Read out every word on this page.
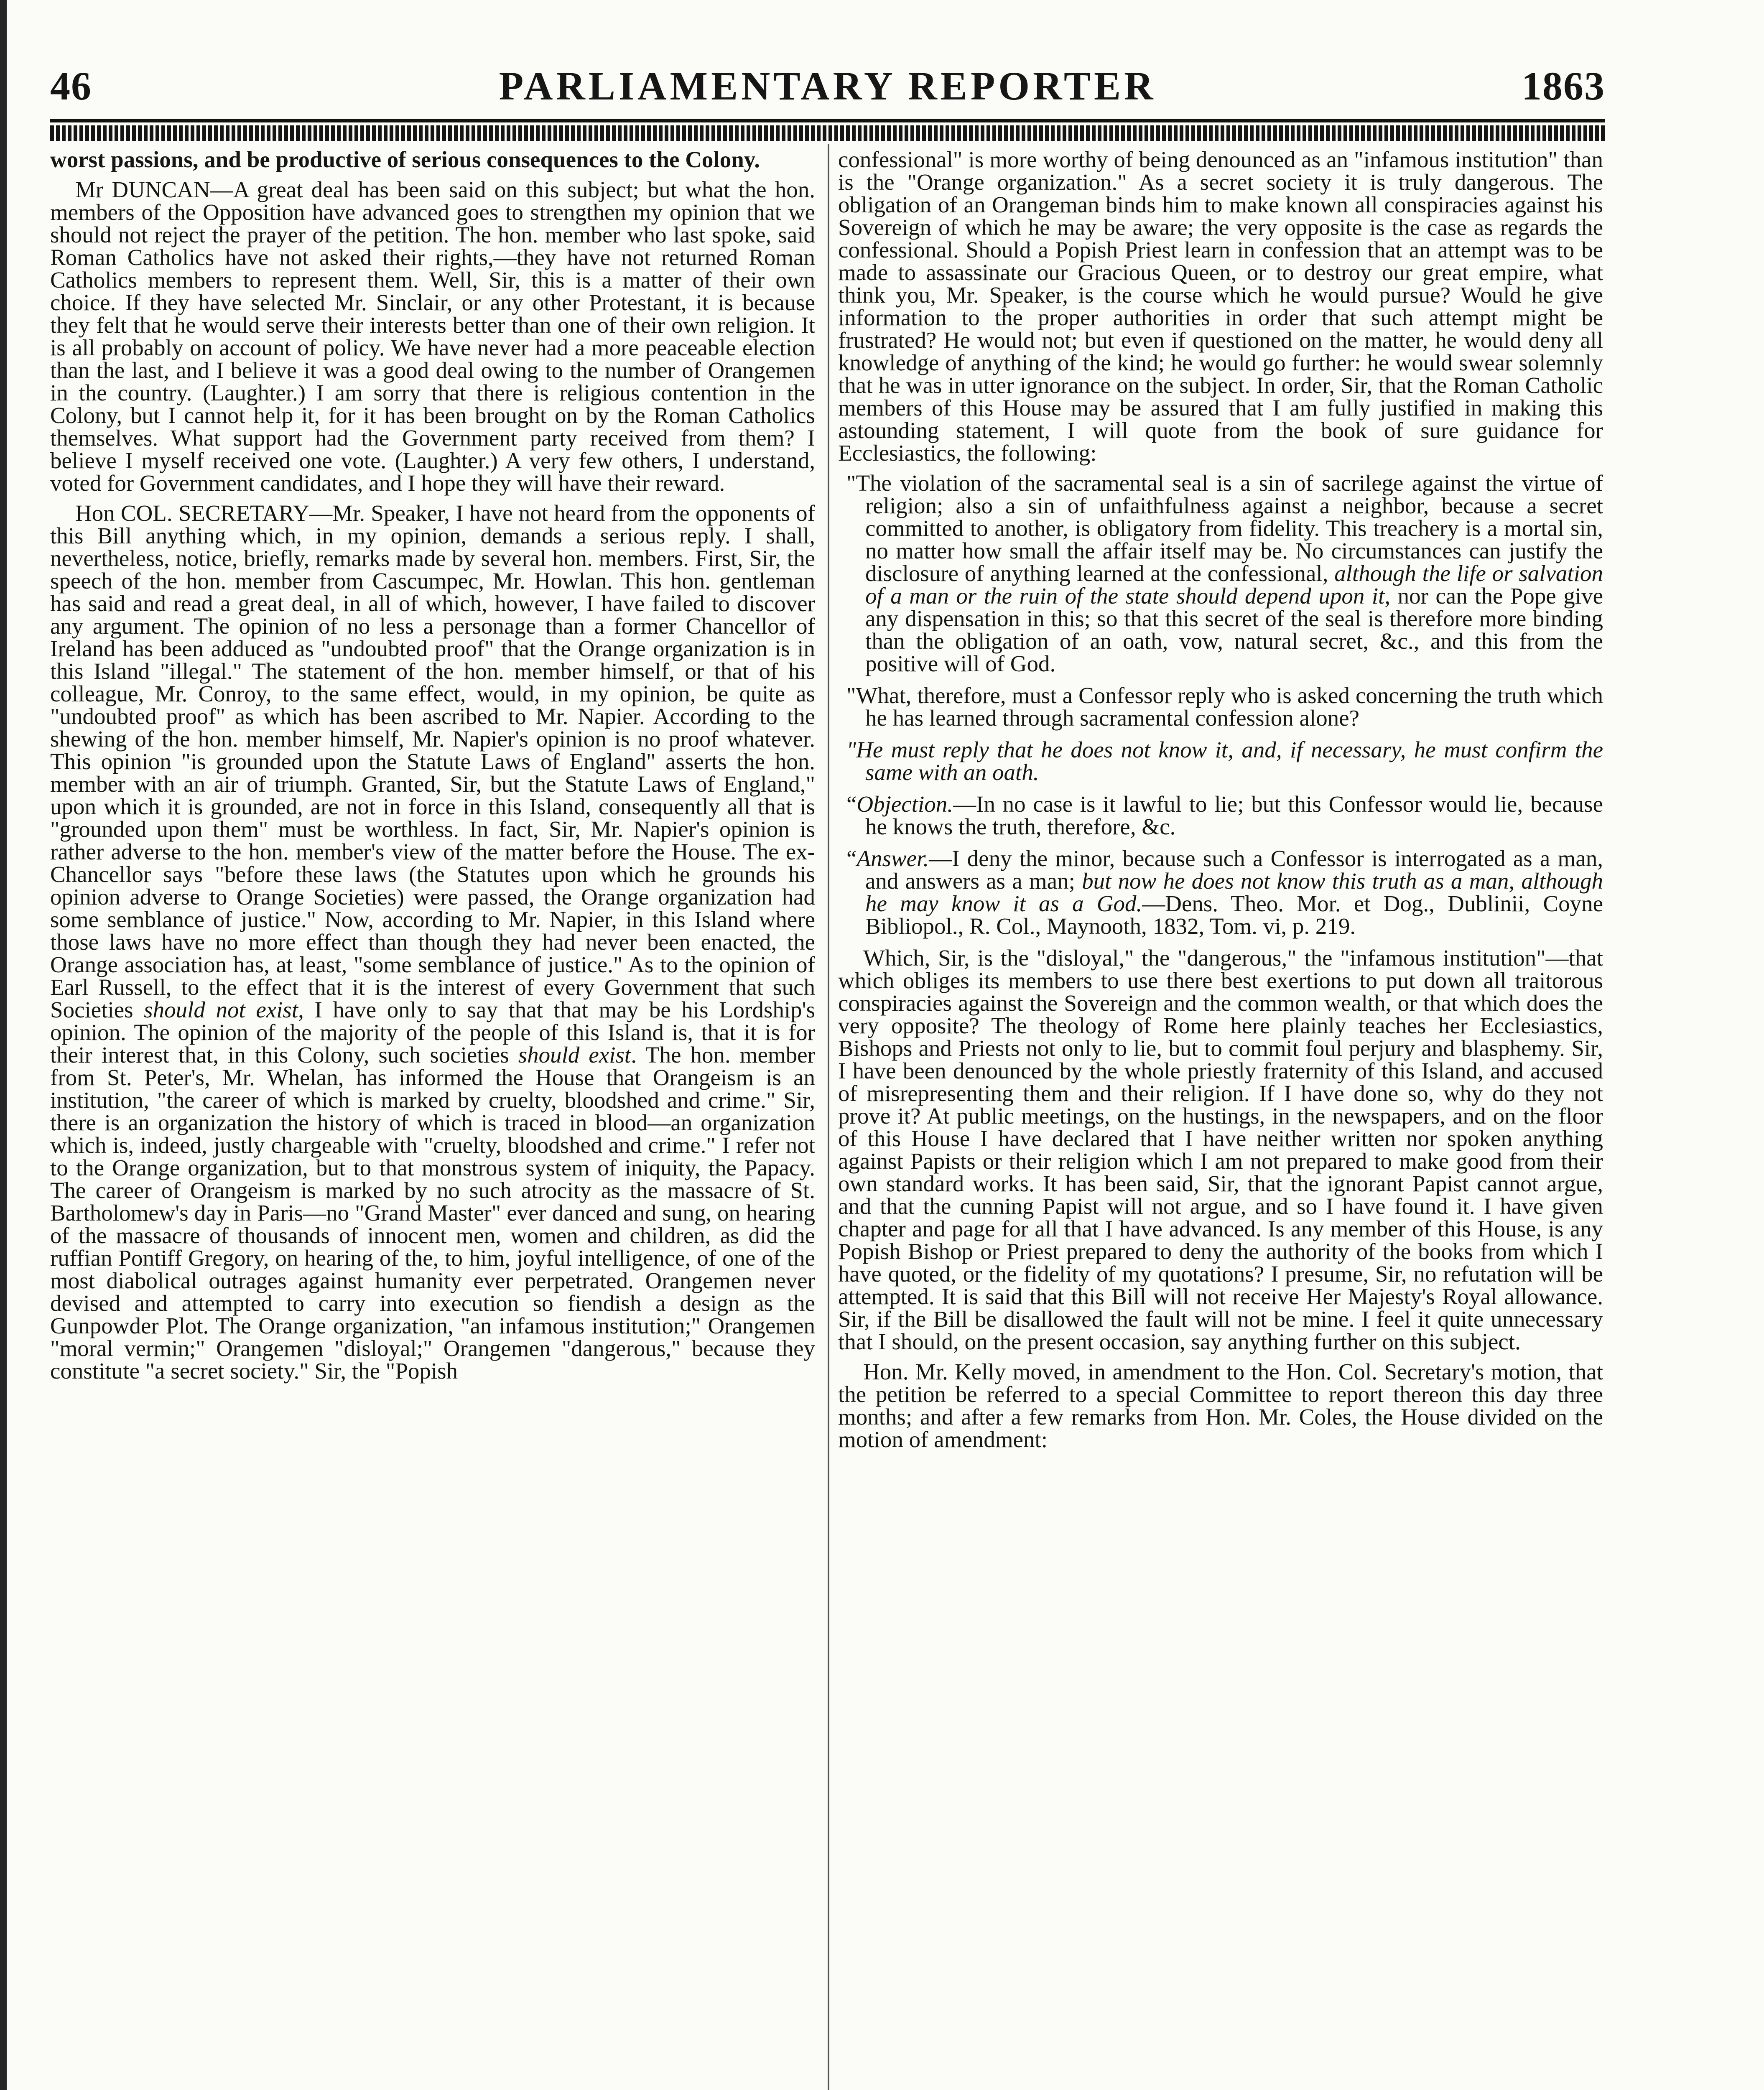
46	PARLIAMENTARY REPORTER	1863

worst passions, and be productive of serious consequences to the Colony.

Mr DUNCAN—A great deal has been said on this subject; but what the hon. members of the Opposition have advanced goes to strengthen my opinion that we should not reject the prayer of the petition. The hon. member who last spoke, said Roman Catholics have not asked their rights,—they have not returned Roman Catholics members to represent them. Well, Sir, this is a matter of their own choice. If they have selected Mr. Sinclair, or any other Protestant, it is because they felt that he would serve their interests better than one of their own religion. It is all probably on account of policy. We have never had a more peaceable election than the last, and I believe it was a good deal owing to the number of Orangemen in the country. (Laughter.) I am sorry that there is religious contention in the Colony, but I cannot help it, for it has been brought on by the Roman Catholics themselves. What support had the Government party received from them? I believe I myself received one vote. (Laughter.) A very few others, I understand, voted for Government candidates, and I hope they will have their reward.

Hon COL. SECRETARY—Mr. Speaker, I have not heard from the opponents of this Bill anything which, in my opinion, demands a serious reply. I shall, nevertheless, notice, briefly, remarks made by several hon. members. First, Sir, the speech of the hon. member from Cascumpec, Mr. Howlan. This hon. gentleman has said and read a great deal, in all of which, however, I have failed to discover any argument. The opinion of no less a personage than a former Chancellor of Ireland has been adduced as "undoubted proof" that the Orange organization is in this Island "illegal." The statement of the hon. member himself, or that of his colleague, Mr. Conroy, to the same effect, would, in my opinion, be quite as "undoubted proof" as which has been ascribed to Mr. Napier. According to the shewing of the hon. member himself, Mr. Napier's opinion is no proof whatever. This opinion "is grounded upon the Statute Laws of England" asserts the hon. member with an air of triumph. Granted, Sir, but the Statute Laws of England," upon which it is grounded, are not in force in this Island, consequently all that is "grounded upon them" must be worthless. In fact, Sir, Mr. Napier's opinion is rather adverse to the hon. member's view of the matter before the House. The ex-Chancellor says "before these laws (the Statutes upon which he grounds his opinion adverse to Orange Societies) were passed, the Orange organization had some semblance of justice." Now, according to Mr. Napier, in this Island where those laws have no more effect than though they had never been enacted, the Orange association has, at least, "some semblance of justice." As to the opinion of Earl Russell, to the effect that it is the interest of every Government that such Societies should not exist, I have only to say that that may be his Lordship's opinion. The opinion of the majority of the people of this Island is, that it is for their interest that, in this Colony, such societies should exist. The hon. member from St. Peter's, Mr. Whelan, has informed the House that Orangeism is an institution, "the career of which is marked by cruelty, bloodshed and crime." Sir, there is an organization the history of which is traced in blood—an organization which is, indeed, justly chargeable with "cruelty, bloodshed and crime." I refer not to the Orange organization, but to that monstrous system of iniquity, the Papacy. The career of Orangeism is marked by no such atrocity as the massacre of St. Bartholomew's day in Paris—no "Grand Master" ever danced and sung, on hearing of the massacre of thousands of innocent men, women and children, as did the ruffian Pontiff Gregory, on hearing of the, to him, joyful intelligence, of one of the most diabolical outrages against humanity ever perpetrated. Orangemen never devised and attempted to carry into execution so fiendish a design as the Gunpowder Plot. The Orange organization, "an infamous institution;" Orangemen "moral vermin;" Orangemen "disloyal;" Orangemen "dangerous," because they constitute "a secret society." Sir, the "Popish

confessional" is more worthy of being denounced as an "infamous institution" than is the "Orange organization." As a secret society it is truly dangerous. The obligation of an Orangeman binds him to make known all conspiracies against his Sovereign of which he may be aware; the very opposite is the case as regards the confessional. Should a Popish Priest learn in confession that an attempt was to be made to assassinate our Gracious Queen, or to destroy our great empire, what think you, Mr. Speaker, is the course which he would pursue? Would he give information to the proper authorities in order that such attempt might be frustrated? He would not; but even if questioned on the matter, he would deny all knowledge of anything of the kind; he would go further: he would swear solemnly that he was in utter ignorance on the subject. In order, Sir, that the Roman Catholic members of this House may be assured that I am fully justified in making this astounding statement, I will quote from the book of sure guidance for Ecclesiastics, the following:

"The violation of the sacramental seal is a sin of sacrilege against the virtue of religion; also a sin of unfaithfulness against a neighbor, because a secret committed to another, is obligatory from fidelity. This treachery is a mortal sin, no matter how small the affair itself may be. No circumstances can justify the disclosure of anything learned at the confessional, although the life or salvation of a man or the ruin of the state should depend upon it, nor can the Pope give any dispensation in this; so that this secret of the seal is therefore more binding than the obligation of an oath, vow, natural secret, &c., and this from the positive will of God.

"What, therefore, must a Confessor reply who is asked concerning the truth which he has learned through sacramental confession alone?

"He must reply that he does not know it, and, if necessary, he must confirm the same with an oath.

“Objection.—In no case is it lawful to lie; but this Confessor would lie, because he knows the truth, therefore, &c.

“Answer.—I deny the minor, because such a Confessor is interrogated as a man, and answers as a man; but now he does not know this truth as a man, although he may know it as a God.—Dens. Theo. Mor. et Dog., Dublinii, Coyne Bibliopol., R. Col., Maynooth, 1832, Tom. vi, p. 219.

Which, Sir, is the "disloyal," the "dangerous," the "infamous institution"—that which obliges its members to use there best exertions to put down all traitorous conspiracies against the Sovereign and the common wealth, or that which does the very opposite? The theology of Rome here plainly teaches her Ecclesiastics, Bishops and Priests not only to lie, but to commit foul perjury and blasphemy. Sir, I have been denounced by the whole priestly fraternity of this Island, and accused of misrepresenting them and their religion. If I have done so, why do they not prove it? At public meetings, on the hustings, in the newspapers, and on the floor of this House I have declared that I have neither written nor spoken anything against Papists or their religion which I am not prepared to make good from their own standard works. It has been said, Sir, that the ignorant Papist cannot argue, and that the cunning Papist will not argue, and so I have found it. I have given chapter and page for all that I have advanced. Is any member of this House, is any Popish Bishop or Priest prepared to deny the authority of the books from which I have quoted, or the fidelity of my quotations? I presume, Sir, no refutation will be attempted. It is said that this Bill will not receive Her Majesty's Royal allowance. Sir, if the Bill be disallowed the fault will not be mine. I feel it quite unnecessary that I should, on the present occasion, say anything further on this subject.

Hon. Mr. Kelly moved, in amendment to the Hon. Col. Secretary's motion, that the petition be referred to a special Committee to report thereon this day three months; and after a few remarks from Hon. Mr. Coles, the House divided on the motion of amendment:
